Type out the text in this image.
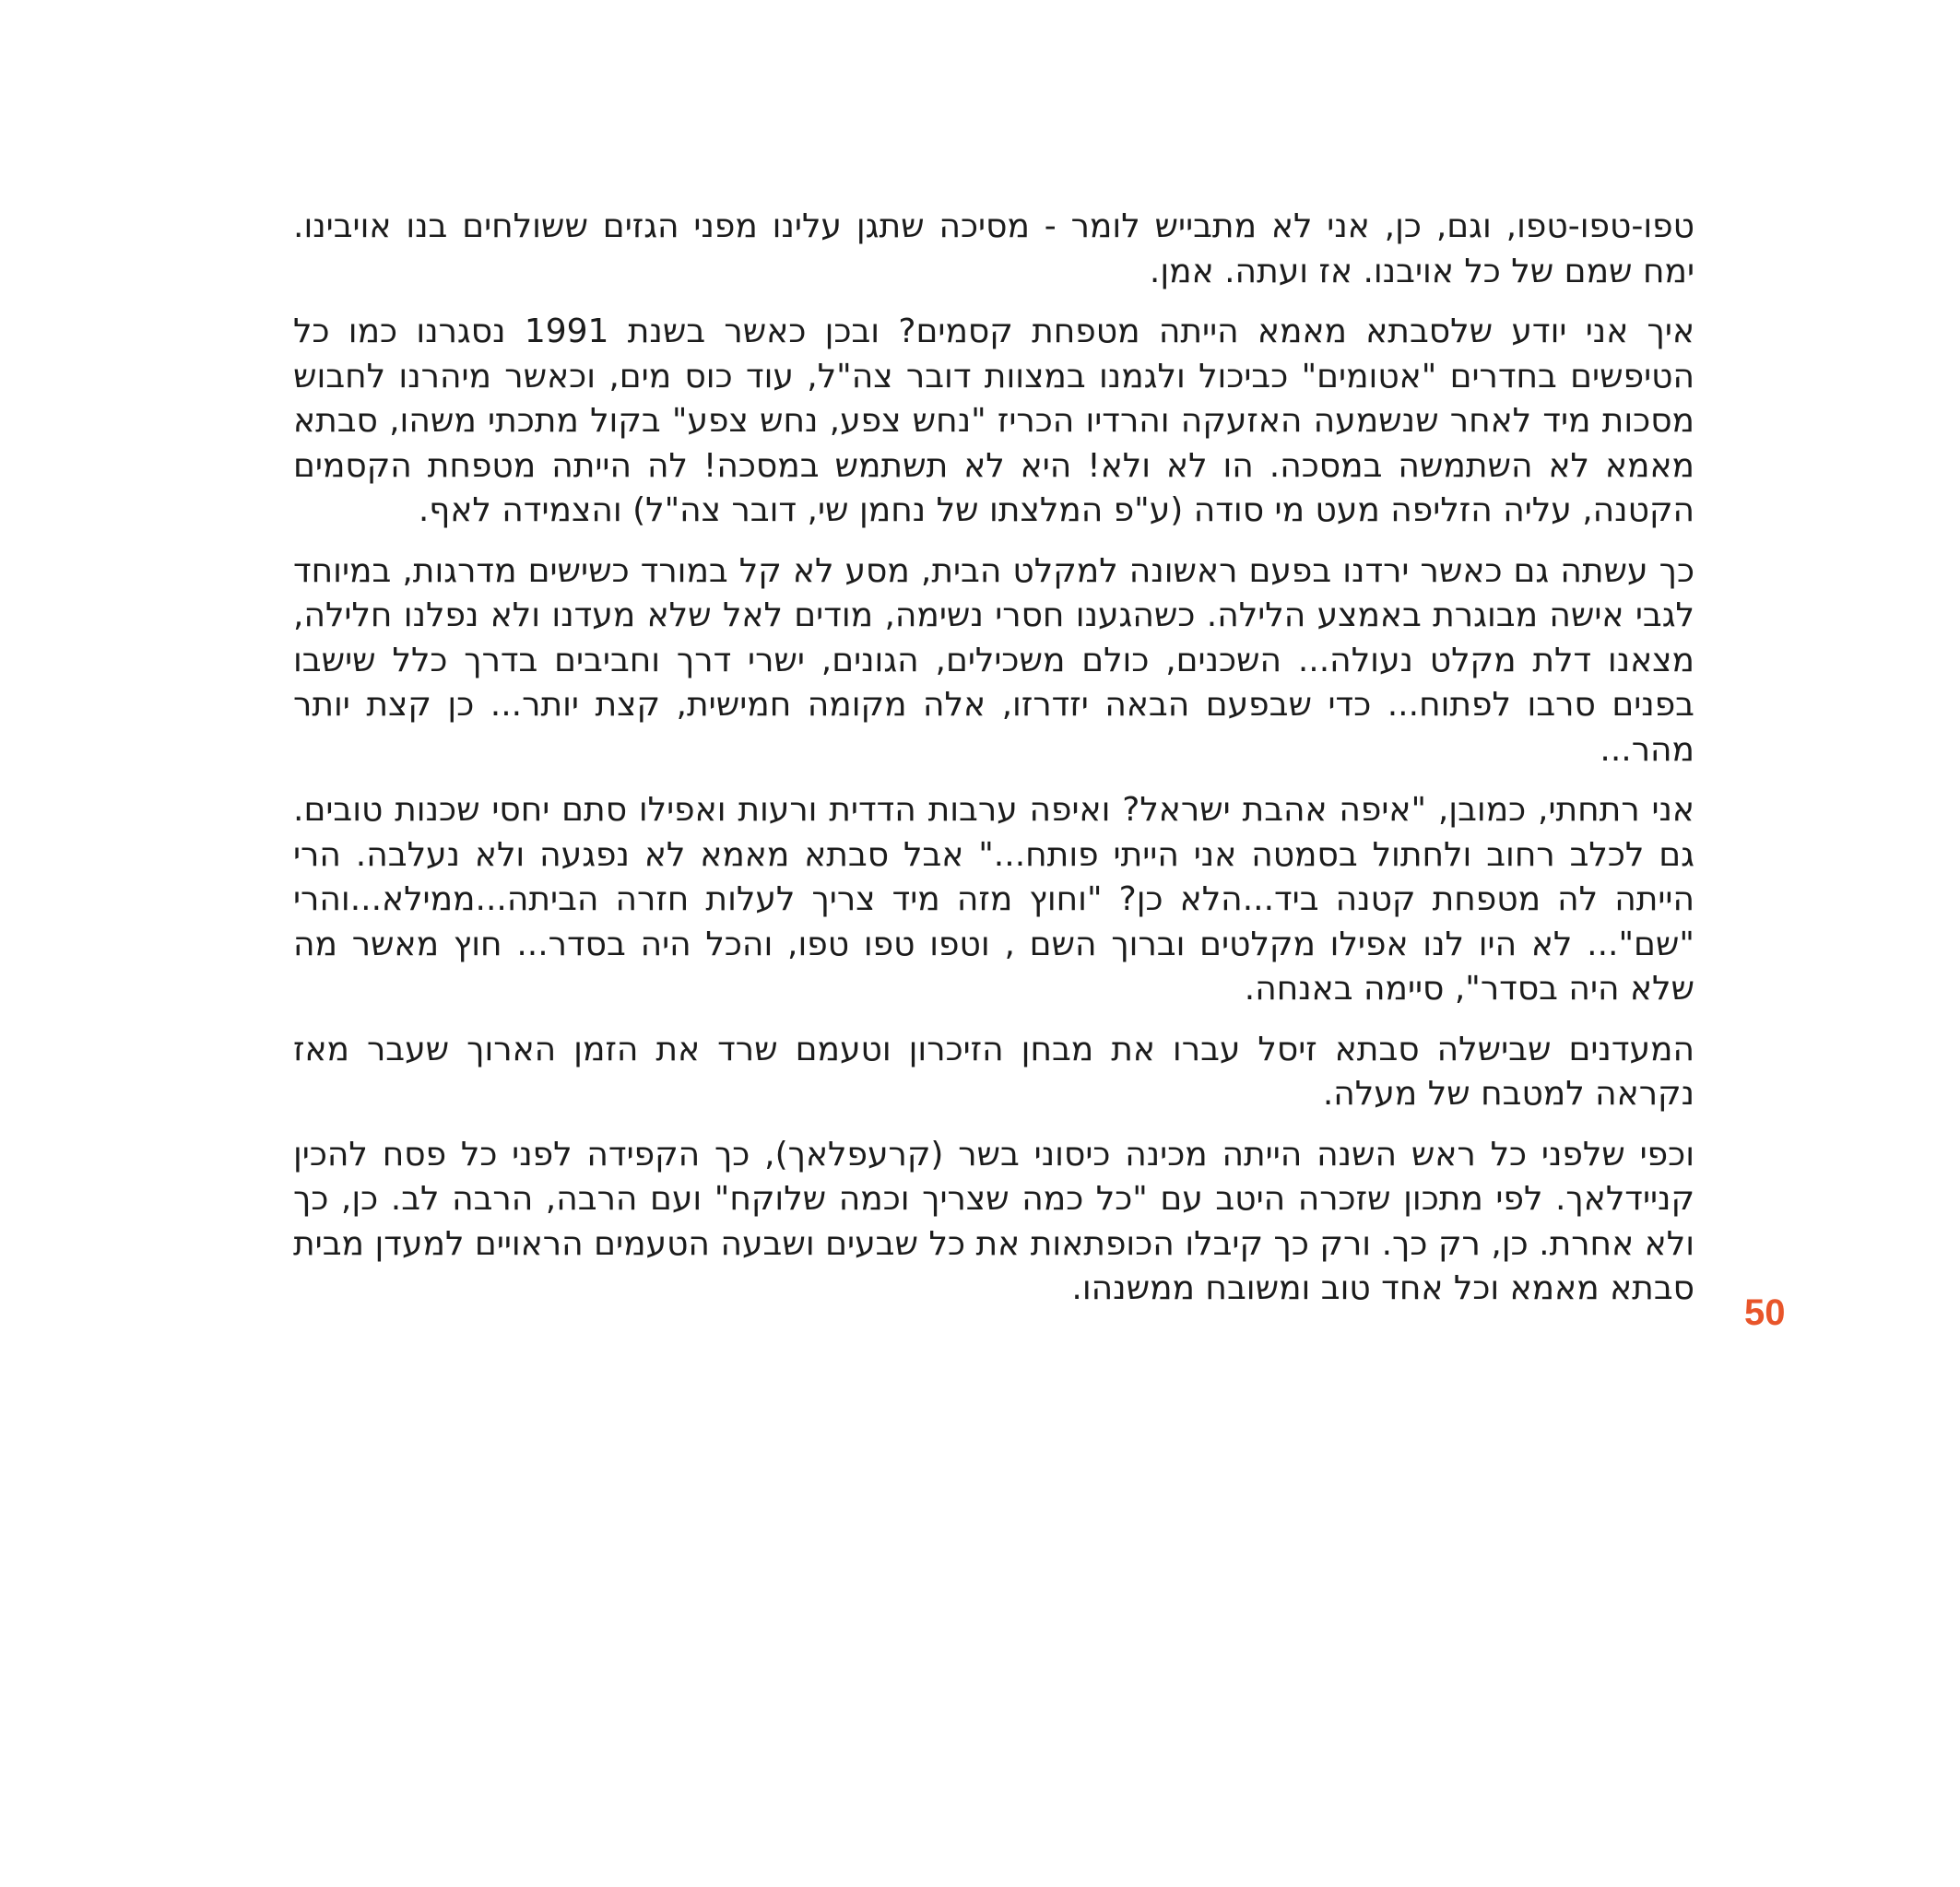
טפו-טפו-טפו, וגם, כן, אני לא מתבייש לומר - מסיכה שתגן עלינו מפני הגזים ששולחים בנו אויבינו. ימח שמם של כל אויבנו. אז ועתה. אמן.

איך אני יודע שלסבתא מאמא הייתה מטפחת קסמים? ובכן כאשר בשנת 1991 נסגרנו כמו כל הטיפשים בחדרים "אטומים" כביכול ולגמנו במצוות דובר צה"ל, עוד כוס מים, וכאשר מיהרנו לחבוש מסכות מיד לאחר שנשמעה האזעקה והרדיו הכריז "נחש צפע, נחש צפע" בקול מתכתי משהו, סבתא מאמא לא השתמשה במסכה. הו לא ולא! היא לא תשתמש במסכה! לה הייתה מטפחת הקסמים הקטנה, עליה הזליפה מעט מי סודה (ע"פ המלצתו של נחמן שי, דובר צה"ל) והצמידה לאף.

כך עשתה גם כאשר ירדנו בפעם ראשונה למקלט הבית, מסע לא קל במורד כשישים מדרגות, במיוחד לגבי אישה מבוגרת באמצע הלילה. כשהגענו חסרי נשימה, מודים לאל שלא מעדנו ולא נפלנו חלילה, מצאנו דלת מקלט נעולה... השכנים, כולם משכילים, הגונים, ישרי דרך וחביבים בדרך כלל שישבו בפנים סרבו לפתוח... כדי שבפעם הבאה יזדרזו, אלה מקומה חמישית, קצת יותר... כן קצת יותר מהר...

אני רתחתי, כמובן, "איפה אהבת ישראל? ואיפה ערבות הדדית ורעות ואפילו סתם יחסי שכנות טובים. גם לכלב רחוב ולחתול בסמטה אני הייתי פותח..." אבל סבתא מאמא לא נפגעה ולא נעלבה. הרי הייתה לה מטפחת קטנה ביד...הלא כן? "וחוץ מזה מיד צריך לעלות חזרה הביתה...ממילא...והרי "שם"... לא היו לנו אפילו מקלטים וברוך השם , וטפו טפו טפו, והכל היה בסדר... חוץ מאשר מה שלא היה בסדר", סיימה באנחה.

המעדנים שבישלה סבתא זיסל עברו את מבחן הזיכרון וטעמם שרד את הזמן הארוך שעבר מאז נקראה למטבח של מעלה.

וכפי שלפני כל ראש השנה הייתה מכינה כיסוני בשר (קרעפלאך), כך הקפידה לפני כל פסח להכין קניידלאך. לפי מתכון שזכרה היטב עם "כל כמה שצריך וכמה שלוקח" ועם הרבה, הרבה לב. כן, כך ולא אחרת. כן, רק כך. ורק כך קיבלו הכופתאות את כל שבעים ושבעה הטעמים הראויים למעדן מבית סבתא מאמא וכל אחד טוב ומשובח ממשנהו.

50
